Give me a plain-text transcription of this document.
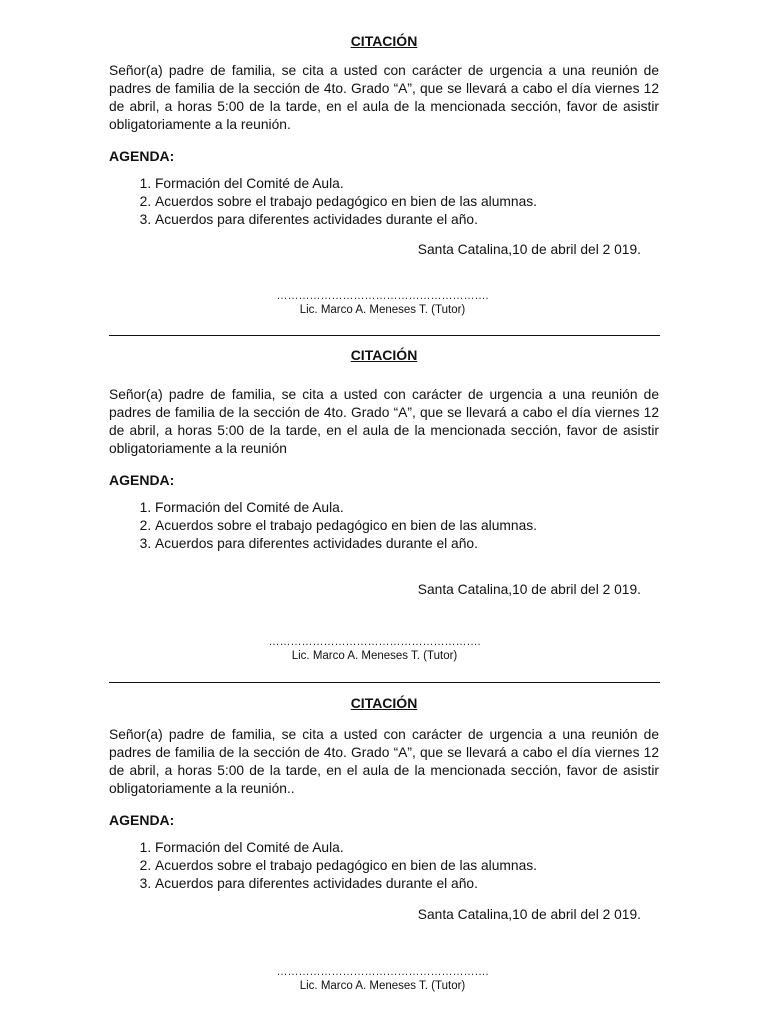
CITACIÓN

Señor(a) padre de familia, se cita a usted con carácter de urgencia a una reunión de padres de familia de la sección de 4to. Grado “A”, que se llevará a cabo el día viernes 12 de abril, a horas 5:00 de la tarde, en el aula de la mencionada sección, favor de asistir obligatoriamente a la reunión.

AGENDA:

1. Formación del Comité de Aula.
2. Acuerdos sobre el trabajo pedagógico en bien de las alumnas.
3. Acuerdos para diferentes actividades durante el año.

Santa Catalina,10 de abril del 2 019.

………………………………………………….
Lic. Marco A. Meneses T. (Tutor)

CITACIÓN

Señor(a) padre de familia, se cita a usted con carácter de urgencia a una reunión de padres de familia de la sección de 4to. Grado “A”, que se llevará a cabo el día viernes 12 de abril, a horas 5:00 de la tarde, en el aula de la mencionada sección, favor de asistir obligatoriamente a la reunión

AGENDA:

1. Formación del Comité de Aula.
2. Acuerdos sobre el trabajo pedagógico en bien de las alumnas.
3. Acuerdos para diferentes actividades durante el año.

Santa Catalina,10 de abril del 2 019.

………………………………………………….
Lic. Marco A. Meneses T. (Tutor)

CITACIÓN

Señor(a) padre de familia, se cita a usted con carácter de urgencia a una reunión de padres de familia de la sección de 4to. Grado “A”, que se llevará a cabo el día viernes 12 de abril, a horas 5:00 de la tarde, en el aula de la mencionada sección, favor de asistir obligatoriamente a la reunión..

AGENDA:

1. Formación del Comité de Aula.
2. Acuerdos sobre el trabajo pedagógico en bien de las alumnas.
3. Acuerdos para diferentes actividades durante el año.

Santa Catalina,10 de abril del 2 019.

………………………………………………….
Lic. Marco A. Meneses T. (Tutor)
